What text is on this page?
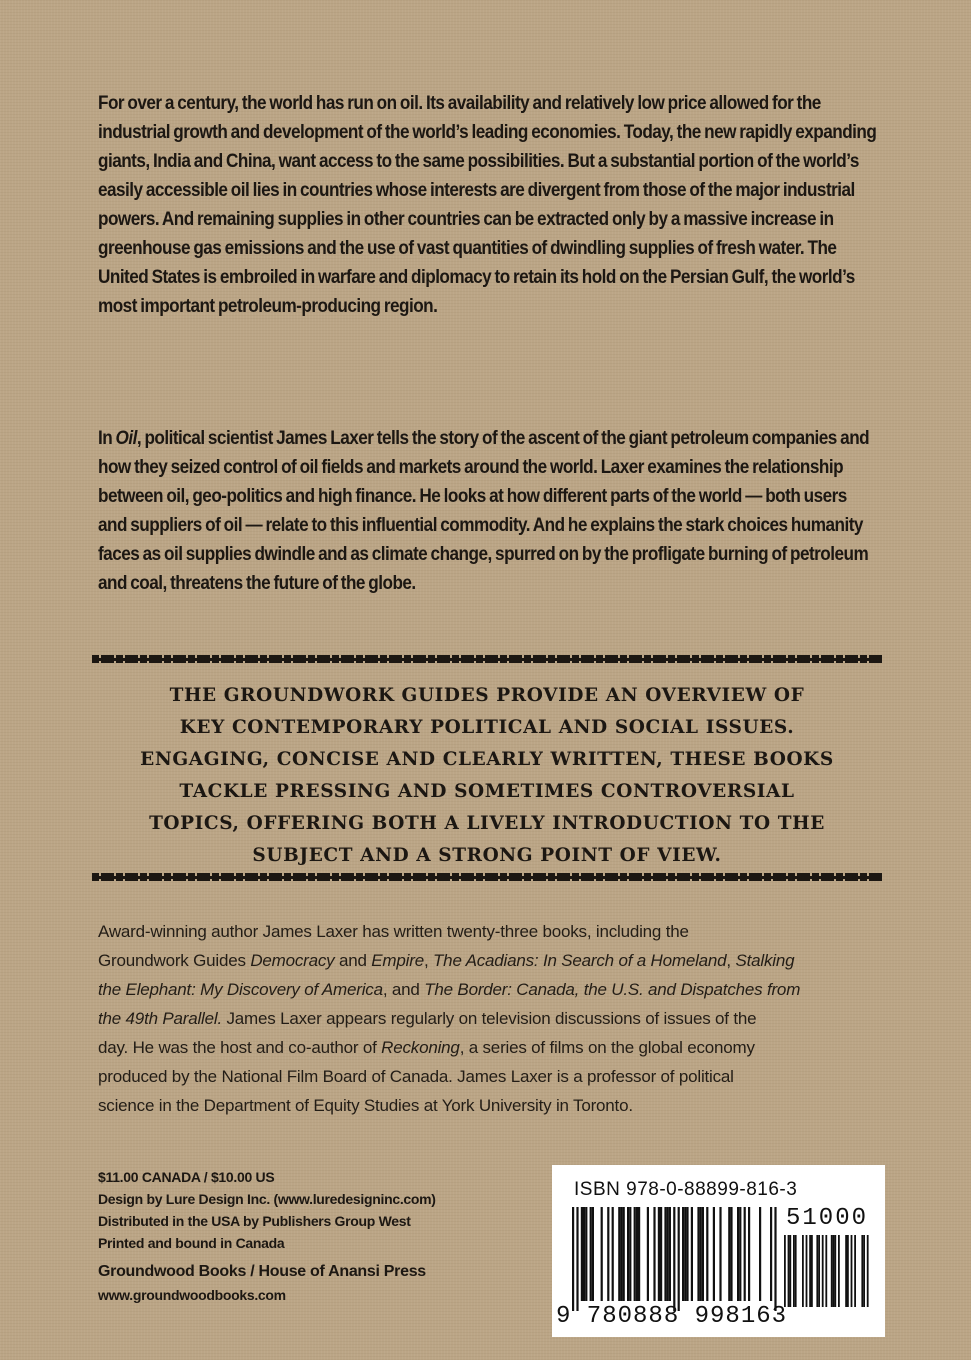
For over a century, the world has run on oil. Its availability and relatively low price allowed for the industrial growth and development of the world’s leading economies. Today, the new rapidly expanding giants, India and China, want access to the same possibilities. But a substantial portion of the world’s easily accessible oil lies in countries whose interests are divergent from those of the major industrial powers. And remaining supplies in other countries can be extracted only by a massive increase in greenhouse gas emissions and the use of vast quantities of dwindling supplies of fresh water. The United States is embroiled in warfare and diplomacy to retain its hold on the Persian Gulf, the world’s most important petroleum-producing region.

In Oil, political scientist James Laxer tells the story of the ascent of the giant petroleum companies and how they seized control of oil fields and markets around the world. Laxer examines the relationship between oil, geo-politics and high finance. He looks at how different parts of the world — both users and suppliers of oil — relate to this influential commodity. And he explains the stark choices humanity faces as oil supplies dwindle and as climate change, spurred on by the profligate burning of petroleum and coal, threatens the future of the globe.

THE GROUNDWORK GUIDES PROVIDE AN OVERVIEW OF
KEY CONTEMPORARY POLITICAL AND SOCIAL ISSUES.
ENGAGING, CONCISE AND CLEARLY WRITTEN, THESE BOOKS
TACKLE PRESSING AND SOMETIMES CONTROVERSIAL
TOPICS, OFFERING BOTH A LIVELY INTRODUCTION TO THE
SUBJECT AND A STRONG POINT OF VIEW.
Award-winning author James Laxer has written twenty-three books, including the
Groundwork Guides Democracy and Empire, The Acadians: In Search of a Homeland, Stalking
the Elephant: My Discovery of America, and The Border: Canada, the U.S. and Dispatches from
the 49th Parallel. James Laxer appears regularly on television discussions of issues of the
day. He was the host and co-author of Reckoning, a series of films on the global economy
produced by the National Film Board of Canada. James Laxer is a professor of political
science in the Department of Equity Studies at York University in Toronto.
$11.00 CANADA / $10.00 US
Design by Lure Design Inc. (www.luredesigninc.com)
Distributed in the USA by Publishers Group West
Printed and bound in Canada
Groundwood Books / House of Anansi Press
www.groundwoodbooks.com
ISBN 978-0-88899-816-3
51000
9 780888 998163
